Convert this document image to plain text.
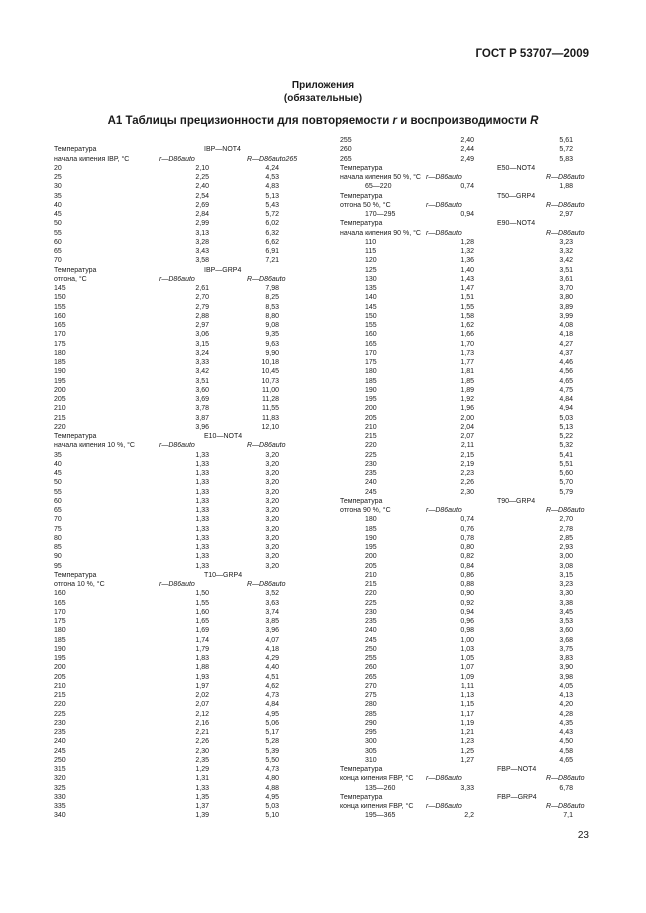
ГОСТ Р 53707—2009
Приложения
(обязательные)
А1 Таблицы прецизионности для повторяемости r и воспроизводимости R
Температура	IBP—NOT4
начала кипения IBP, °С	r—D86auto	R—D86auto265
20	2,10	4,24
25	2,25	4,53
30	2,40	4,83
35	2,54	5,13
40	2,69	5,43
45	2,84	5,72
50	2,99	6,02
55	3,13	6,32
60	3,28	6,62
65	3,43	6,91
70	3,58	7,21
Температура	IBP—GRP4
отгона, °С	r—D86auto	R—D86auto
145	2,61	7,98
150	2,70	8,25
155	2,79	8,53
160	2,88	8,80
165	2,97	9,08
170	3,06	9,35
175	3,15	9,63
180	3,24	9,90
185	3,33	10,18
190	3,42	10,45
195	3,51	10,73
200	3,60	11,00
205	3,69	11,28
210	3,78	11,55
215	3,87	11,83
220	3,96	12,10
Температура	E10—NOT4
начала кипения 10 %, °С	r—D86auto	R—D86auto
35	1,33	3,20
40	1,33	3,20
45	1,33	3,20
50	1,33	3,20
55	1,33	3,20
60	1,33	3,20
65	1,33	3,20
70	1,33	3,20
75	1,33	3,20
80	1,33	3,20
85	1,33	3,20
90	1,33	3,20
95	1,33	3,20
Температура	T10—GRP4
отгона 10 %, °С	r—D86auto	R—D86auto
160	1,50	3,52
165	1,55	3,63
170	1,60	3,74
175	1,65	3,85
180	1,69	3,96
185	1,74	4,07
190	1,79	4,18
195	1,83	4,29
200	1,88	4,40
205	1,93	4,51
210	1,97	4,62
215	2,02	4,73
220	2,07	4,84
225	2,12	4,95
230	2,16	5,06
235	2,21	5,17
240	2,26	5,28
245	2,30	5,39
250	2,35	5,50
315	1,29	4,73
320	1,31	4,80
325	1,33	4,88
330	1,35	4,95
335	1,37	5,03
340	1,39	5,10
255	2,40	5,61
260	2,44	5,72
265	2,49	5,83
Температура	E50—NOT4
начала кипения 50 %, °С r—D86auto	R—D86auto
65—220	0,74	1,88
Температура	T50—GRP4
отгона 50 %, °С	r—D86auto	R—D86auto
170—295	0,94	2,97
Температура	E90—NOT4
начала кипения 90 %, °С r—D86auto	R—D86auto
110	1,28	3,23
115	1,32	3,32
120	1,36	3,42
125	1,40	3,51
130	1,43	3,61
135	1,47	3,70
140	1,51	3,80
145	1,55	3,89
150	1,58	3,99
155	1,62	4,08
160	1,66	4,18
165	1,70	4,27
170	1,73	4,37
175	1,77	4,46
180	1,81	4,56
185	1,85	4,65
190	1,89	4,75
195	1,92	4,84
200	1,96	4,94
205	2,00	5,03
210	2,04	5,13
215	2,07	5,22
220	2,11	5,32
225	2,15	5,41
230	2,19	5,51
235	2,23	5,60
240	2,26	5,70
245	2,30	5,79
Температура	T90—GRP4
отгона 90 %, °С	r—D86auto	R—D86auto
180	0,74	2,70
185	0,76	2,78
190	0,78	2,85
195	0,80	2,93
200	0,82	3,00
205	0,84	3,08
210	0,86	3,15
215	0,88	3,23
220	0,90	3,30
225	0,92	3,38
230	0,94	3,45
235	0,96	3,53
240	0,98	3,60
245	1,00	3,68
250	1,03	3,75
255	1,05	3,83
260	1,07	3,90
265	1,09	3,98
270	1,11	4,05
275	1,13	4,13
280	1,15	4,20
285	1,17	4,28
290	1,19	4,35
295	1,21	4,43
300	1,23	4,50
305	1,25	4,58
310	1,27	4,65
Температура	FBP—NOT4
конца кипения FBP, °С r—D86auto	R—D86auto
135—260	3,33	6,78
Температура	FBP—GRP4
конца кипения FBP, °С r—D86auto	R—D86auto
195—365	2,2	7,1
23
